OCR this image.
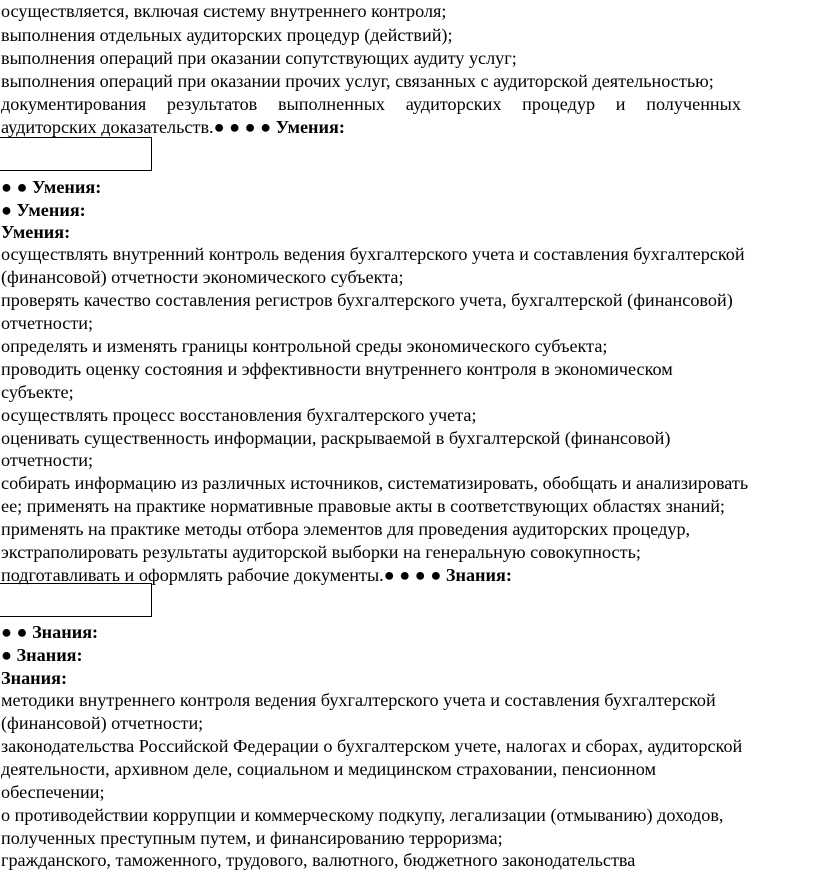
осуществляется, включая систему внутреннего контроля;
выполнения отдельных аудиторских процедур (действий);
выполнения операций при оказании сопутствующих аудиту услуг;
выполнения операций при оказании прочих услуг, связанных с аудиторской деятельностью;
документирования результатов выполненных аудиторских процедур и полученных
аудиторских доказательств.● ● ● ● Умения:
● ● Умения:
● Умения:
Умения:
осуществлять внутренний контроль ведения бухгалтерского учета и составления бухгалтерской
(финансовой) отчетности экономического субъекта;
проверять качество составления регистров бухгалтерского учета, бухгалтерской (финансовой)
отчетности;
определять и изменять границы контрольной среды экономического субъекта;
проводить оценку состояния и эффективности внутреннего контроля в экономическом
субъекте;
осуществлять процесс восстановления бухгалтерского учета;
оценивать существенность информации, раскрываемой в бухгалтерской (финансовой)
отчетности;
собирать информацию из различных источников, систематизировать, обобщать и анализировать
ее; применять на практике нормативные правовые акты в соответствующих областях знаний;
применять на практике методы отбора элементов для проведения аудиторских процедур,
экстраполировать результаты аудиторской выборки на генеральную совокупность;
подготавливать и оформлять рабочие документы.● ● ● ● Знания:
● ● Знания:
● Знания:
Знания:
методики внутреннего контроля ведения бухгалтерского учета и составления бухгалтерской
(финансовой) отчетности;
законодательства Российской Федерации о бухгалтерском учете, налогах и сборах, аудиторской
деятельности, архивном деле, социальном и медицинском страховании, пенсионном
обеспечении;
о противодействии коррупции и коммерческому подкупу, легализации (отмыванию) доходов,
полученных преступным путем, и финансированию терроризма;
гражданского, таможенного, трудового, валютного, бюджетного законодательства
